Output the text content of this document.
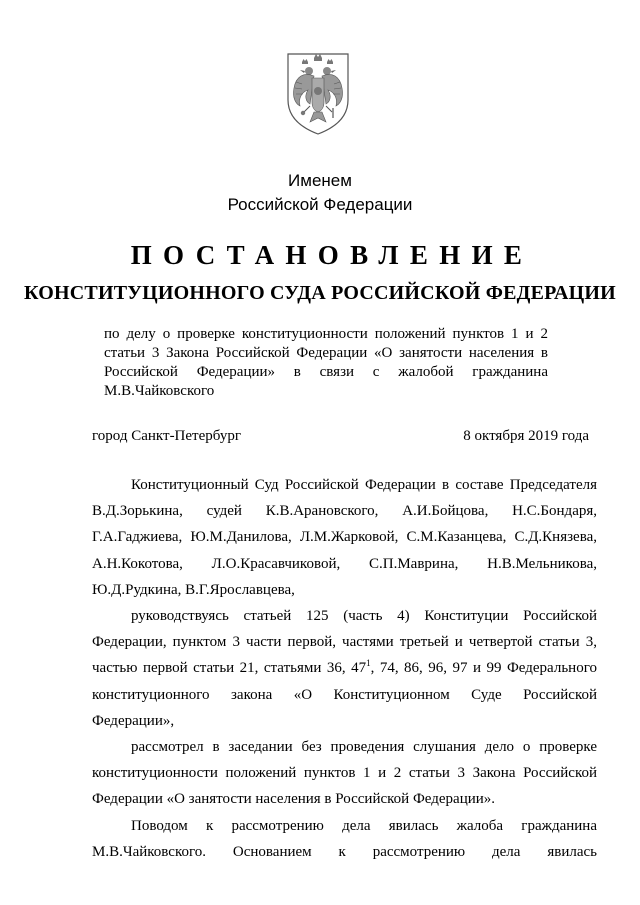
Именем
Российской Федерации
ПОСТАНОВЛЕНИЕ
КОНСТИТУЦИОННОГО СУДА РОССИЙСКОЙ ФЕДЕРАЦИИ
по делу о проверке конституционности положений пунктов 1 и 2
статьи 3 Закона Российской Федерации «О занятости населения в
Российской Федерации» в связи с жалобой гражданина
М.В.Чайковского
город Санкт-Петербург	8 октября 2019 года
Конституционный Суд Российской Федерации в составе Председателя
В.Д.Зорькина, судей К.В.Арановского, А.И.Бойцова, Н.С.Бондаря,
Г.А.Гаджиева, Ю.М.Данилова, Л.М.Жарковой, С.М.Казанцева, С.Д.Князева,
А.Н.Кокотова, Л.О.Красавчиковой, С.П.Маврина, Н.В.Мельникова,
Ю.Д.Рудкина, В.Г.Ярославцева,
руководствуясь статьей 125 (часть 4) Конституции Российской
Федерации, пунктом 3 части первой, частями третьей и четвертой статьи 3,
частью первой статьи 21, статьями 36, $47^1$, 74, 86, 96, 97 и 99 Федерального
конституционного закона «О Конституционном Суде Российской
Федерации»,
рассмотрел в заседании без проведения слушания дело о проверке
конституционности положений пунктов 1 и 2 статьи 3 Закона Российской
Федерации «О занятости населения в Российской Федерации».
Поводом к рассмотрению дела явилась жалоба гражданина
М.В.Чайковского. Основанием к рассмотрению дела явилась
